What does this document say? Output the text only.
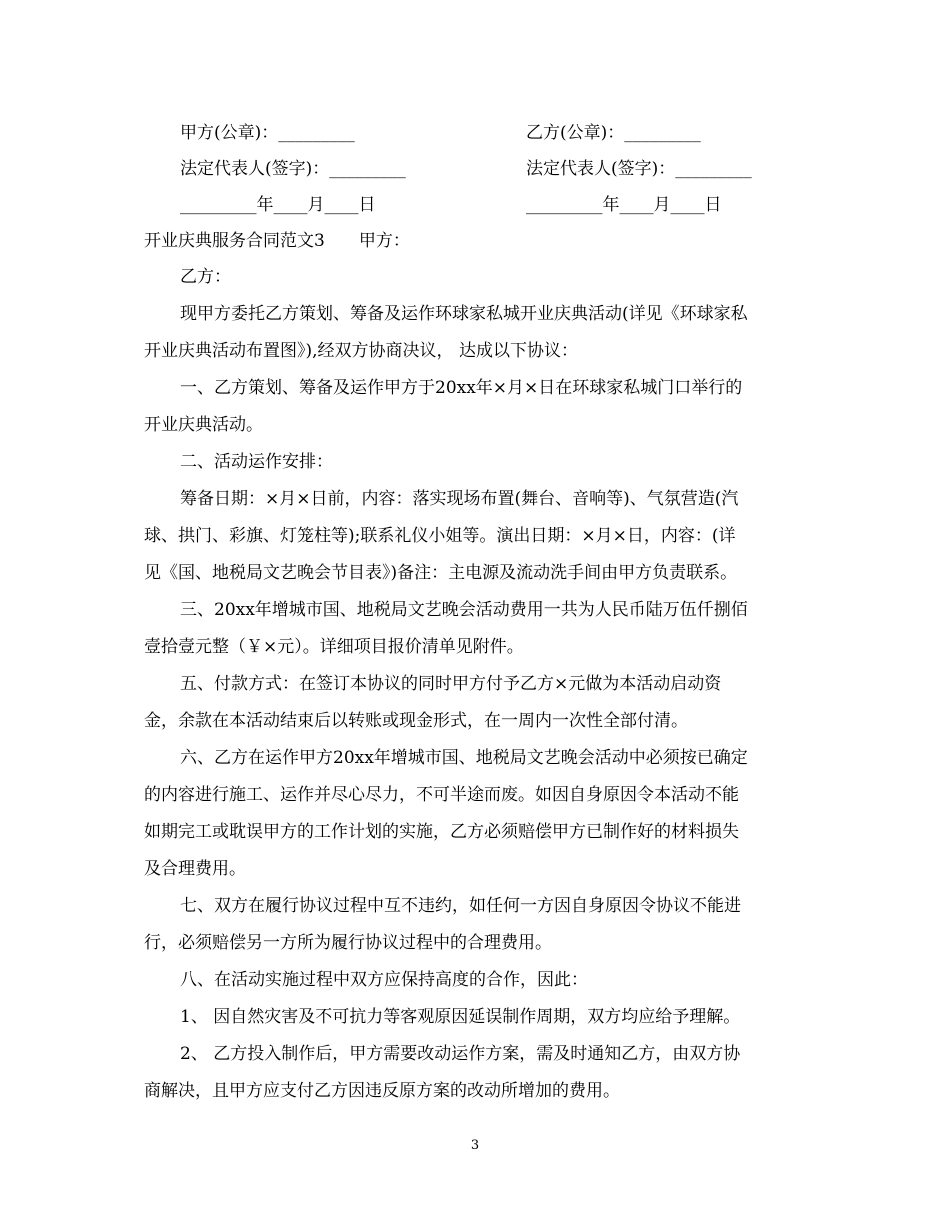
甲方(公章)：_________	乙方(公章)：_________
法定代表人(签字)：_________	法定代表人(签字)：_________
_________年____月____日	_________年____月____日
开业庆典服务合同范文3　　甲方：
乙方：
现甲方委托乙方策划、筹备及运作环球家私城开业庆典活动(详见《环球家私
开业庆典活动布置图》),经双方协商决议， 达成以下协议：
一、乙方策划、筹备及运作甲方于20xx年×月×日在环球家私城门口举行的
开业庆典活动。
二、活动运作安排：
筹备日期：×月×日前，内容：落实现场布置(舞台、音响等)、气氛营造(汽
球、拱门、彩旗、灯笼柱等);联系礼仪小姐等。演出日期：×月×日，内容：(详
见《国、地税局文艺晚会节目表》)备注：主电源及流动洗手间由甲方负责联系。
三、20xx年增城市国、地税局文艺晚会活动费用一共为人民币陆万伍仟捌佰
壹拾壹元整（￥×元）。详细项目报价清单见附件。
五、付款方式：在签订本协议的同时甲方付予乙方×元做为本活动启动资
金，余款在本活动结束后以转账或现金形式，在一周内一次性全部付清。
六、乙方在运作甲方20xx年增城市国、地税局文艺晚会活动中必须按已确定
的内容进行施工、运作并尽心尽力，不可半途而废。如因自身原因令本活动不能
如期完工或耽误甲方的工作计划的实施，乙方必须赔偿甲方已制作好的材料损失
及合理费用。
七、双方在履行协议过程中互不违约，如任何一方因自身原因令协议不能进
行，必须赔偿另一方所为履行协议过程中的合理费用。
八、在活动实施过程中双方应保持高度的合作，因此：
1、 因自然灾害及不可抗力等客观原因延误制作周期，双方均应给予理解。
2、 乙方投入制作后，甲方需要改动运作方案，需及时通知乙方，由双方协
商解决，且甲方应支付乙方因违反原方案的改动所增加的费用。
3
